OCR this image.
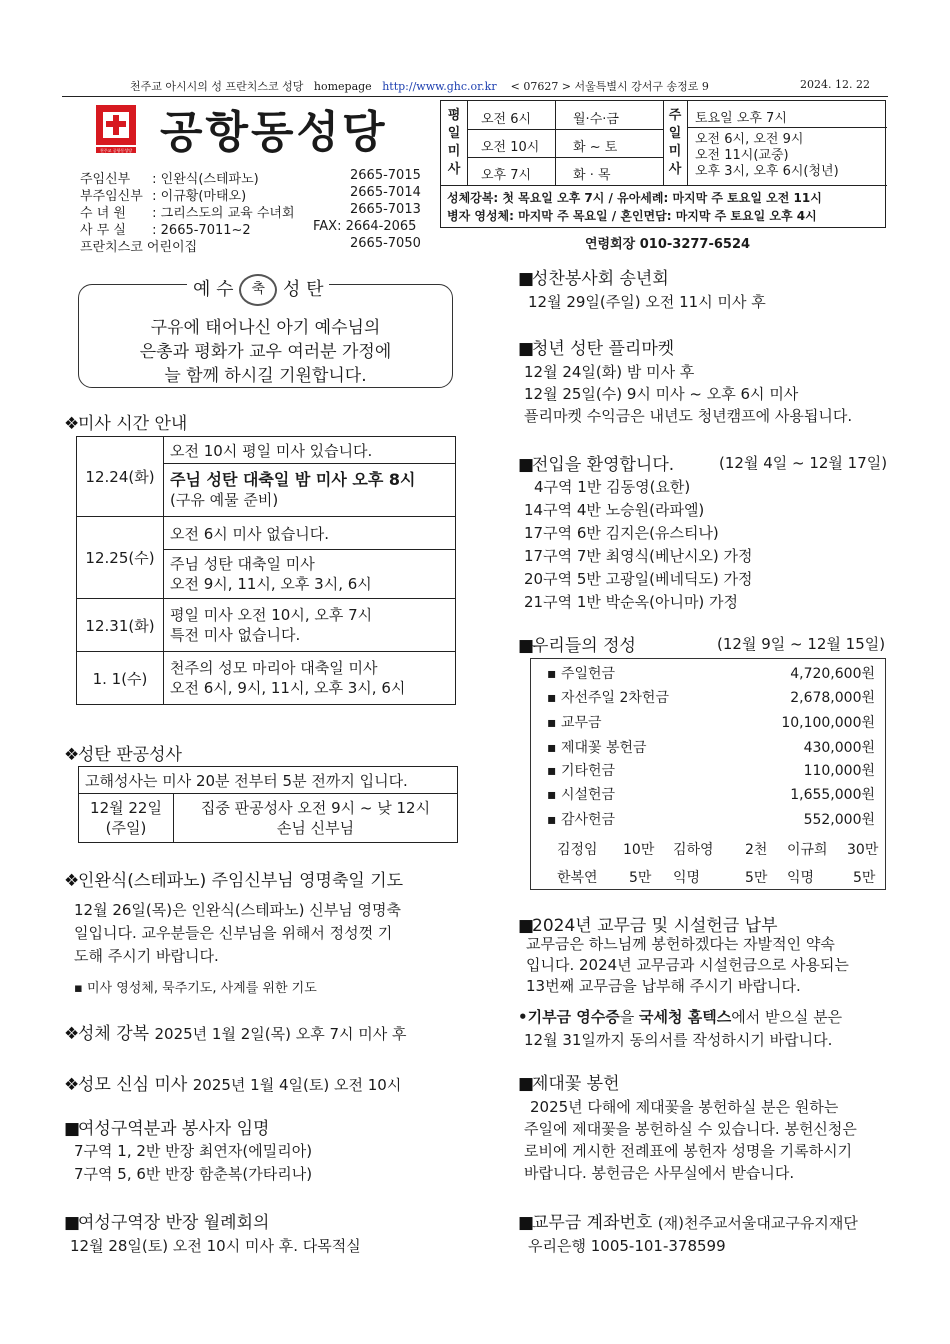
천주교 아시시의 성 프란치스코 성당 homepage http://www.ghc.or.kr < 07627 > 서울특별시 강서구 송정로 9	2024. 12. 22
천주교 공항동성당 공항동성당
주임신부 : 인완식(스테파노)	2665-7015
부주임신부 : 이규황(마태오)	2665-7014
수 녀 원 : 그리스도의 교육 수녀회	2665-7013
사 무 실 : 2665-7011~2	FAX: 2664-2065
프란치스코 어린이집	2665-7050
평
일
미
사
오전 6시	월·수·금
오전 10시	화 ~ 토
오후 7시	화 · 목
주
일
미
사
토요일 오후 7시
오전 6시, 오전 9시
오전 11시(교중)
오후 3시, 오후 6시(청년)
성체강복: 첫 목요일 오후 7시 / 유아세례: 마지막 주 토요일 오전 11시
병자 영성체: 마지막 주 목요일 / 혼인면담: 마지막 주 토요일 오후 4시
연령회장 010-3277-6524
예 수 축 성 탄
구유에 태어나신 아기 예수님의
은총과 평화가 교우 여러분 가정에
늘 함께 하시길 기원합니다.
❖미사 시간 안내
12.24(화)	오전 10시 평일 미사 있습니다.

	주님 성탄 대축일 밤 미사 오후 8시
(구유 예물 준비)

12.25(수)	오전 6시 미사 없습니다.

	주님 성탄 대축일 미사
오전 9시, 11시, 오후 3시, 6시

12.31(화)	평일 미사 오전 10시, 오후 7시
특전 미사 없습니다.

1. 1(수)	천주의 성모 마리아 대축일 미사
오전 6시, 9시, 11시, 오후 3시, 6시
❖성탄 판공성사
고해성사는 미사 20분 전부터 5분 전까지 입니다.

12월 22일
(주일)

집중 판공성사 오전 9시 ~ 낮 12시
손님 신부님
❖인완식(스테파노) 주임신부님 영명축일 기도
12월 26일(목)은 인완식(스테파노) 신부님 영명축
일입니다. 교우분들은 신부님을 위해서 정성껏 기
도해 주시기 바랍니다.
▪ 미사 영성체, 묵주기도, 사계를 위한 기도
❖성체 강복 2025년 1월 2일(목) 오후 7시 미사 후
❖성모 신심 미사 2025년 1월 4일(토) 오전 10시
■여성구역분과 봉사자 임명
7구역 1, 2반 반장 최연자(에밀리아)
7구역 5, 6반 반장 함춘복(가타리나)
■여성구역장 반장 월례회의
12월 28일(토) 오전 10시 미사 후. 다목적실
■성찬봉사회 송년회
12월 29일(주일) 오전 11시 미사 후
■청년 성탄 플리마켓
12월 24일(화) 밤 미사 후
12월 25일(수) 9시 미사 ~ 오후 6시 미사
플리마켓 수익금은 내년도 청년캠프에 사용됩니다.
■전입을 환영합니다.	(12월 4일 ~ 12월 17일)
4구역 1반 김동영(요한)
14구역 4반 노승원(라파엘)
17구역 6반 김지은(유스티나)
17구역 7반 최영식(베난시오) 가정
20구역 5반 고광일(베네딕도) 가정
21구역 1반 박순옥(아니마) 가정
■우리들의 정성	(12월 9일 ~ 12월 15일)
▪ 주일헌금	4,720,600원
▪ 자선주일 2차헌금	2,678,000원
▪ 교무금	10,100,000원
▪ 제대꽃 봉헌금	430,000원
▪ 기타헌금	110,000원
▪ 시설헌금	1,655,000원
▪ 감사헌금	552,000원
김정임 10만 김하영 2천 이규희 30만
한복연 5만 익명	5만 익명	5만
■2024년 교무금 및 시설헌금 납부
교무금은 하느님께 봉헌하겠다는 자발적인 약속
입니다. 2024년 교무금과 시설헌금으로 사용되는
13번째 교무금을 납부해 주시기 바랍니다.
•기부금 영수증을 국세청 홈텍스에서 받으실 분은
12월 31일까지 동의서를 작성하시기 바랍니다.
■제대꽃 봉헌
2025년 다해에 제대꽃을 봉헌하실 분은 원하는
주일에 제대꽃을 봉헌하실 수 있습니다. 봉헌신청은
로비에 게시한 전례표에 봉헌자 성명을 기록하시기
바랍니다. 봉헌금은 사무실에서 받습니다.
■교무금 계좌번호 (재)천주교서울대교구유지재단
우리은행 1005-101-378599
